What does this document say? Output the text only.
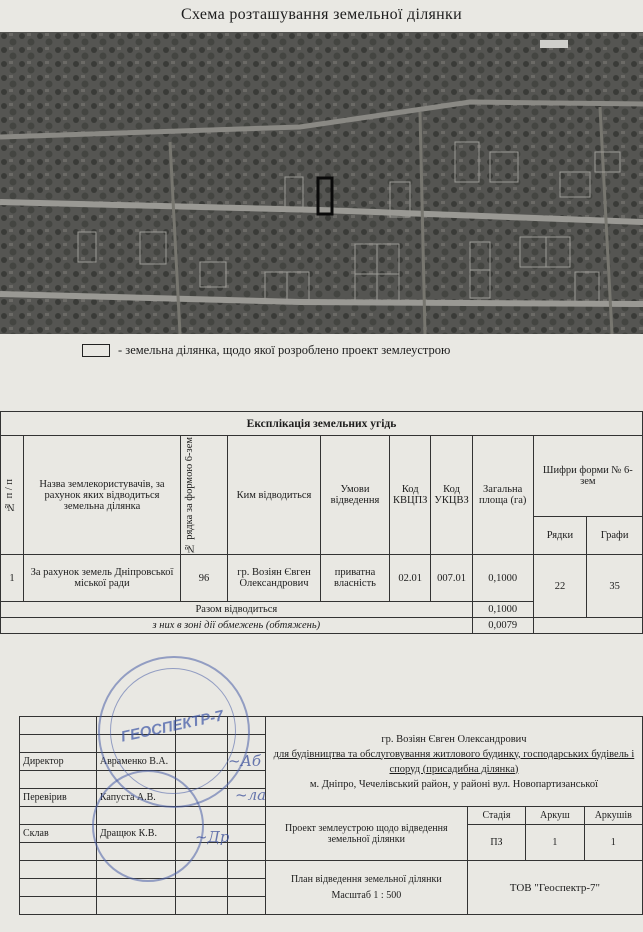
Схема розташування земельної ділянки
- земельна ділянка, щодо якої розроблено проект землеустрою
Експлікація земельних угідь									

№ п / п	Назва землекористувачів, за рахунок яких відводиться земельна ділянка	№ рядка за формою 6-зем	Ким відводиться	Умови відведення	Код КВЦПЗ	Код УКЦВЗ	Загальна площа (га)	Шифри форми № 6-зем	
								Рядки	Графи
1	За рахунок земель Дніпровської міської ради	96	гр. Возіян Євген Олександрович	приватна власність	02.01	007.01	0,1000	22	35
Разом відводиться							0,1000		
з них в зоні дії обмежень (обтяжень)							0,0079		

				гр. Возіян Євген Олександрович
для будівництва та обслуговування житлового будинку, господарських будівель і споруд (присадибна ділянка)
м. Дніпро, Чечелівський район, у районі вул. Новопартизанської			

Директор	Авраменко В.А.						

Перевірив	Капуста А.В.						
				Проект землеустрою щодо відведення земельної ділянки	Стадія	Аркуш	Аркушів
Склав	Дращюк К.В.				ПЗ	1	1

				План відведення земельної ділянки
Масштаб 1 : 500	ТОВ "Геоспектр-7"		

ГЕОСПЕКТР-7
~Аб
~ла
~Др
